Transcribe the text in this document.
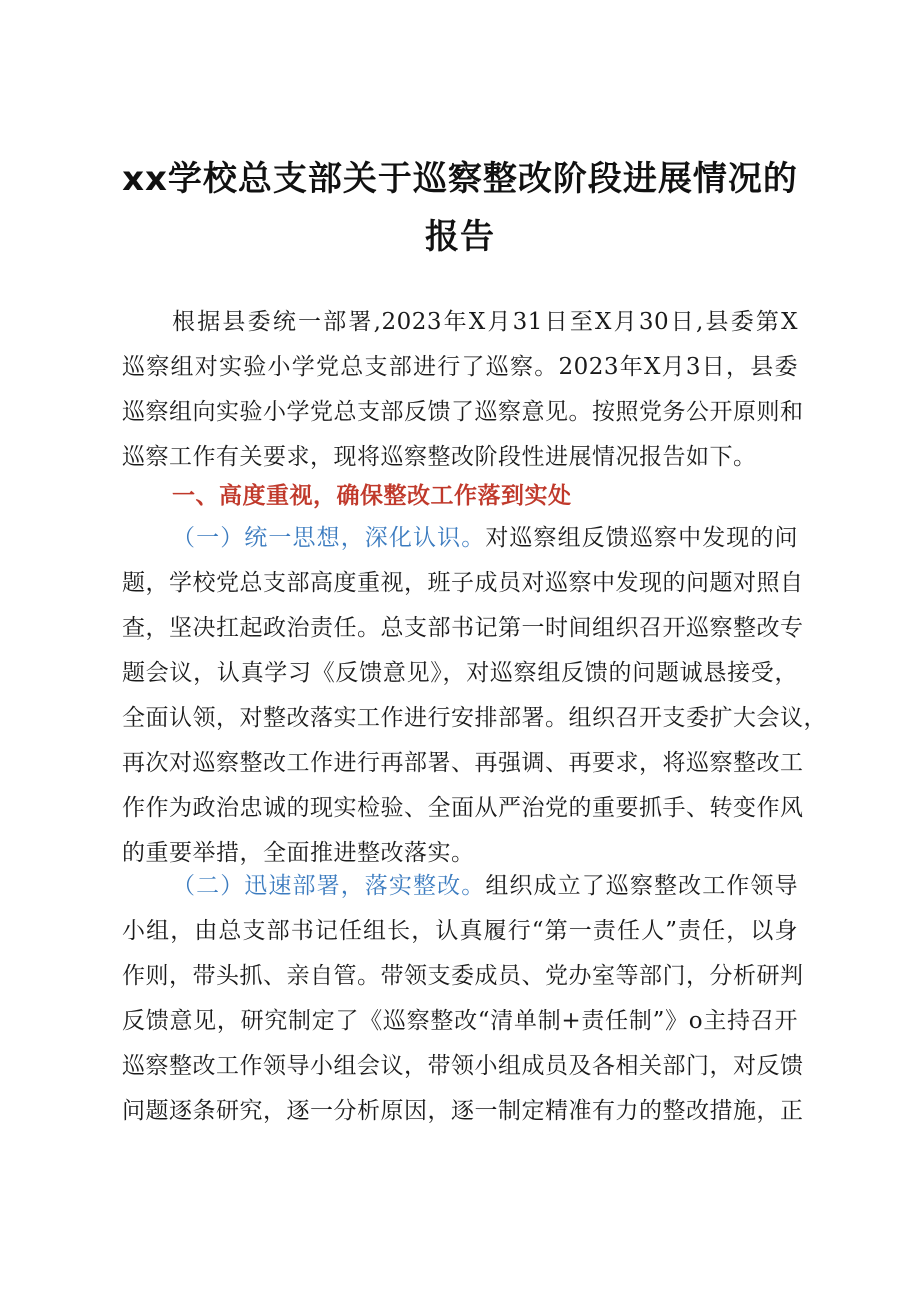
xx学校总支部关于巡察整改阶段进展情况的
报告
根据县委统一部署,2023年X月31日至X月30日,县委第X
巡察组对实验小学党总支部进行了巡察。2023年X月3日，县委
巡察组向实验小学党总支部反馈了巡察意见。按照党务公开原则和
巡察工作有关要求，现将巡察整改阶段性进展情况报告如下。
一、高度重视，确保整改工作落到实处
（一）统一思想，深化认识。对巡察组反馈巡察中发现的问
题，学校党总支部高度重视，班子成员对巡察中发现的问题对照自
查，坚决扛起政治责任。总支部书记第一时间组织召开巡察整改专
题会议，认真学习《反馈意见》，对巡察组反馈的问题诚恳接受，
全面认领，对整改落实工作进行安排部署。组织召开支委扩大会议，
再次对巡察整改工作进行再部署、再强调、再要求，将巡察整改工
作作为政治忠诚的现实检验、全面从严治党的重要抓手、转变作风
的重要举措，全面推进整改落实。
（二）迅速部署，落实整改。组织成立了巡察整改工作领导
小组，由总支部书记任组长，认真履行“第一责任人”责任，以身
作则，带头抓、亲自管。带领支委成员、党办室等部门，分析研判
反馈意见，研究制定了《巡察整改“清单制+责任制”》o主持召开
巡察整改工作领导小组会议，带领小组成员及各相关部门，对反馈
问题逐条研究，逐一分析原因，逐一制定精准有力的整改措施，正
